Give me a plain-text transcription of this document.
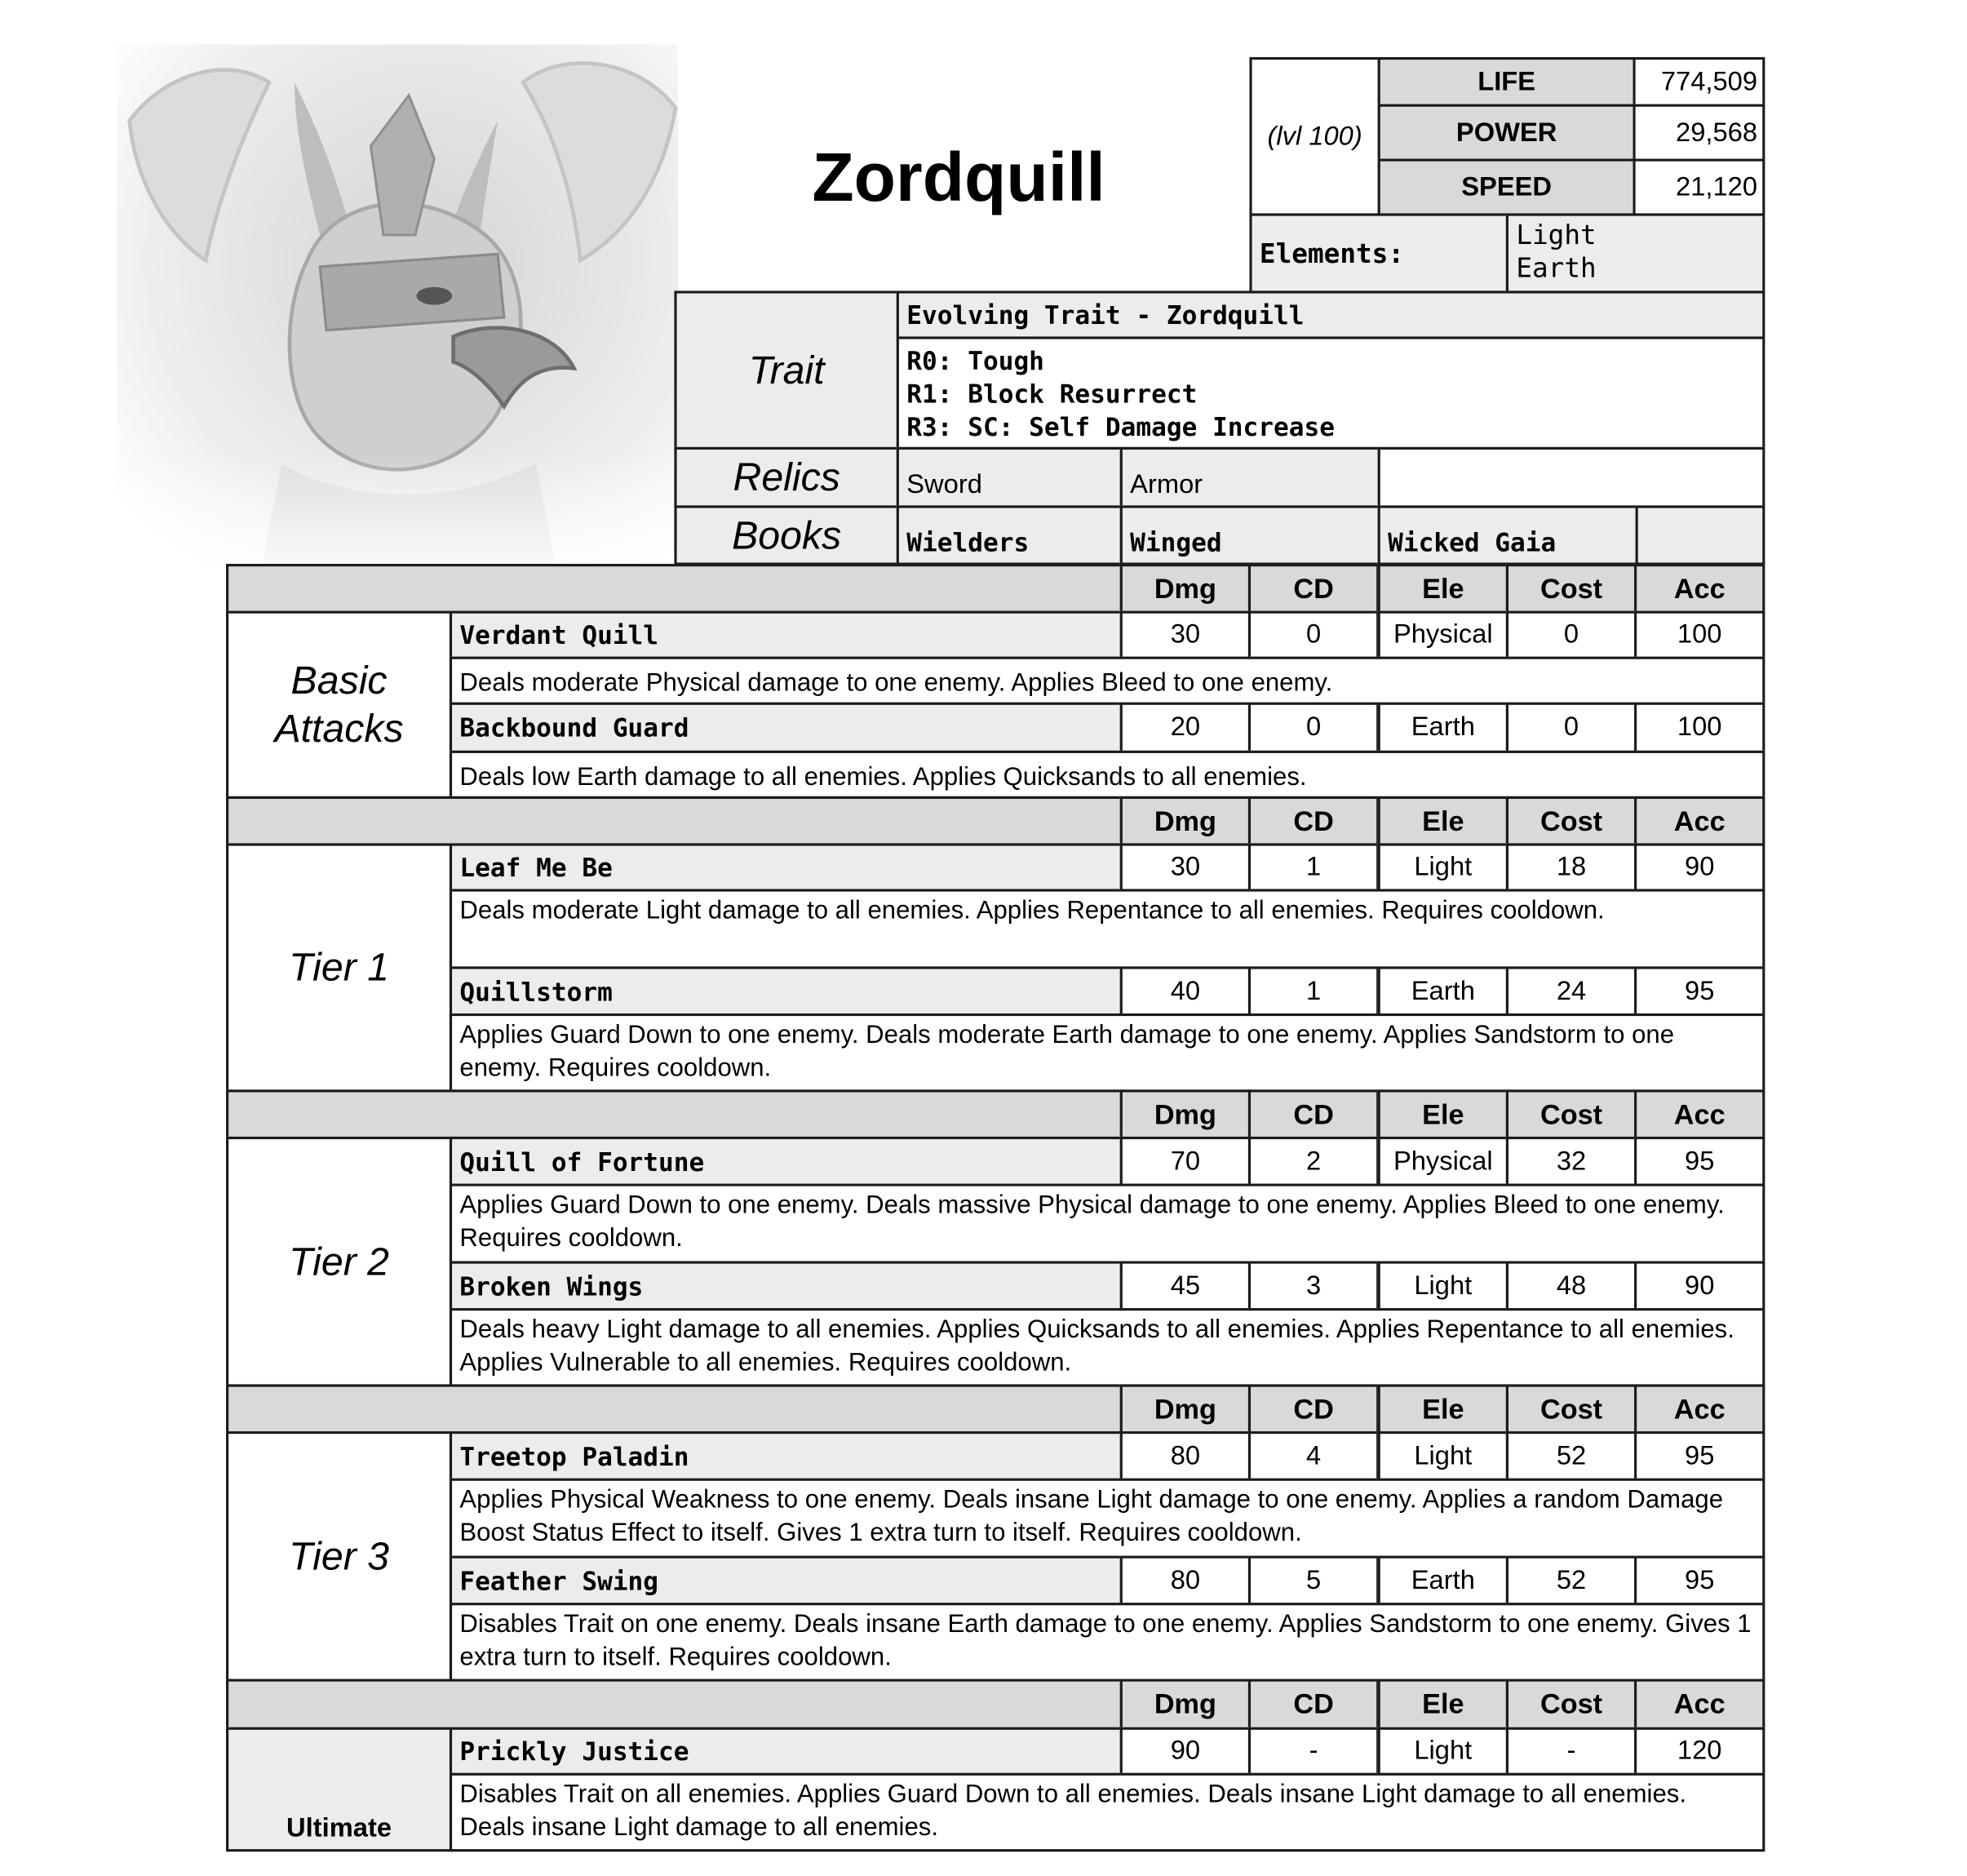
Zordquill
(lvl 100)
LIFE	774,509
POWER	29,568
SPEED	21,120
Elements:
Light
Earth
Trait
Evolving Trait - Zordquill
R0: Tough
R1: Block Resurrect
R3: SC: Self Damage Increase
Relics	Sword	Armor
Books	Wielders	Winged	Wicked Gaia
Dmg	CD	Ele	Cost	Acc
Basic
Attacks
Verdant Quill	30	0	Physical	0	100
Deals moderate Physical damage to one enemy. Applies Bleed to one enemy.
Backbound Guard	20	0	Earth	0	100
Deals low Earth damage to all enemies. Applies Quicksands to all enemies.
Dmg	CD	Ele	Cost	Acc
Tier 1
Leaf Me Be	30	1	Light	18	90
Deals moderate Light damage to all enemies. Applies Repentance to all enemies. Requires cooldown.
Quillstorm	40	1	Earth	24	95
Applies Guard Down to one enemy. Deals moderate Earth damage to one enemy. Applies Sandstorm to one enemy. Requires cooldown.
Dmg	CD	Ele	Cost	Acc
Tier 2
Quill of Fortune	70	2	Physical	32	95
Applies Guard Down to one enemy. Deals massive Physical damage to one enemy. Applies Bleed to one enemy. Requires cooldown.
Broken Wings	45	3	Light	48	90
Deals heavy Light damage to all enemies. Applies Quicksands to all enemies. Applies Repentance to all enemies. Applies Vulnerable to all enemies. Requires cooldown.
Dmg	CD	Ele	Cost	Acc
Tier 3
Treetop Paladin	80	4	Light	52	95
Applies Physical Weakness to one enemy. Deals insane Light damage to one enemy. Applies a random Damage Boost Status Effect to itself. Gives 1 extra turn to itself. Requires cooldown.
Feather Swing	80	5	Earth	52	95
Disables Trait on one enemy. Deals insane Earth damage to one enemy. Applies Sandstorm to one enemy. Gives 1 extra turn to itself. Requires cooldown.
Dmg	CD	Ele	Cost	Acc
Ultimate
Prickly Justice	90	-	Light	-	120
Disables Trait on all enemies. Applies Guard Down to all enemies. Deals insane Light damage to all enemies. Deals insane Light damage to all enemies.
